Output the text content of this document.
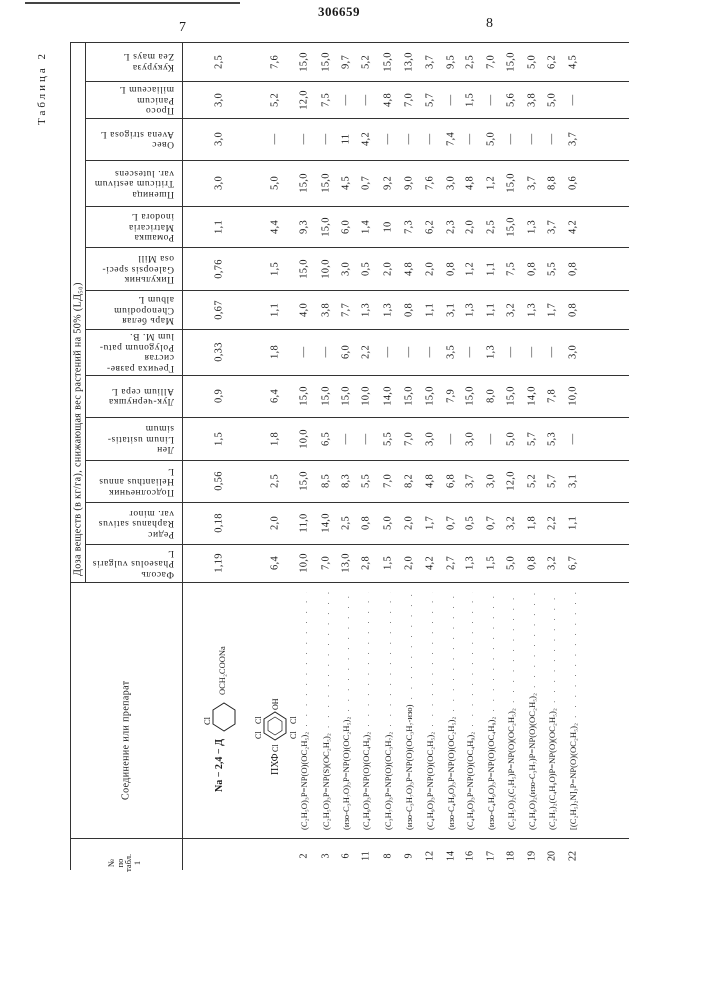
306659
7	8
Таблица 2
Доза веществ (в кг/га), снижающая вес растений на 50% (LД₅₀)
Соединение или препарат
№
по
табл.
1
Na − 2,4 − Д
Cl
OCH₂COONa
ПХФ
Cl
Cl
Cl
Cl
Cl
OH
Фасоль
Phaseolus vulgaris
L
1,19	6,4 10,0 7,0 13,0 2,8 1,5 2,0 4,2 2,7 1,3 1,5 5,0 0,8 3,2 6,7
Редис
Raphanus sativus
var. minor
0,18	2,0 11,0 14,0 2,5 0,8 5,0 2,0 1,7 0,7 0,5 0,7 3,2 1,8 2,2 1,1
Подсолнечник
Helianthus annus
L
0,56	2,5 15,0 8,5 8,3 5,5 7,0 8,2 4,8 6,8 3,7 3,0 12,0 5,2 5,7 3,1
Лен
Linum usitatis-
simum
1,5	1,8 10,0 6,5 — — 5,5 7,0 3,0 — 3,0 — 5,0 5,7 5,3 —
Лук-чернушка
Allium cepa L	0,9	6,4 15,0 15,0 15,0 10,0 14,0 15,0 15,0 7,9 15,0 8,0 15,0 14,0 7,8 10,0
Гречиха разве-
систая
Polygonum patu-
lum M. B.
0,33	1,8 — — 6,0 2,2 — — — 3,5 — 1,3 — — — 3,0
Марь белая
Chenopodium
album L
0,67	1,1 4,0 3,8 7,7 1,3 1,3 0,8 1,1 3,1 1,3 1,1 3,2 1,3 1,7 0,8
Пикульник
Galeopsis speci-
osa Mill
0,76	1,5 15,0 10,0 3,0 0,5 2,0 4,8 2,0 0,8 1,2 1,1 7,5 0,8 5,5 0,8
Ромашка
Matricaria
inodora L
1,1	4,4 9,3 15,0 6,0 1,4 10 7,3 6,2 2,3 2,0 2,5 15,0 1,3 3,7 4,2
Пшеница
Triticum aestivum
var. lutescens
3,0	5,0 15,0 15,0 4,5 0,7 9,2 9,0 7,6 3,0 4,8 1,2 15,0 3,7 8,8 0,6
Овес
Avena strigosa L	3,0	— — — 11 4,2 — — — 7,4 — 5,0 — — — 3,7
Просо
Panicum
miliaceum L
3,0	5,2 12,0 7,5 — — 4,8 7,0 5,7 — 1,5 — 5,6 3,8 5,0 —
Кукуруза
Zea mays L	2,5	7,6 15,0 15,0 9,7 5,2 15,0 13,0 3,7 9,5 2,5 7,0 15,0 5,0 6,2 4,5
(C₂H₅O)₃P=NP(O)(OC₂H₅)₂ . . .
2
(C₂H₅O)₃P=NP(S)(OC₂H₅)₂ . . .
3
(изо-C₃H₇O)₃P=NP(O)(OC₂H₅)₂ . . .
6
(C₄H₉O)₃P=NP(O)(OC₄H₉)₂ . . .
11
(C₃H₇O)₃P=NP(O)(OC₃H₇)₂ . . .
8
(изо-C₃H₇O)₃P=NP(O)(OC₃H₇-изо) . . .
9
(C₄H₉O)₃P=NP(O)(OC₂H₅)₂ . . .
12
(изо-C₄H₉O)₃P=NP(O)(OC₂H₅)₂ . . .
14
(C₄H₉O)₃P=NP(O)(OC₄H₉)₂ . . .
16
(изо-C₄H₉O)₃P=NP(O)(OC₄H₉)₂ . . .
17
(C₂H₅O)₂(C₂H₅)P=NP(O)(OC₂H₅)₂ . . .
18
(C₄H₉O)₂(изо-C₃H₇)P=NP(O)(OC₂H₅)₂ . . .
19
(C₂H₅)₂(C₄H₉O)P=NP(O)(OC₂H₅)₂ . . .
20
[(C₂H₅)₂N]₃P=NP(O)(OC₂H₅)₂ . . .
22
